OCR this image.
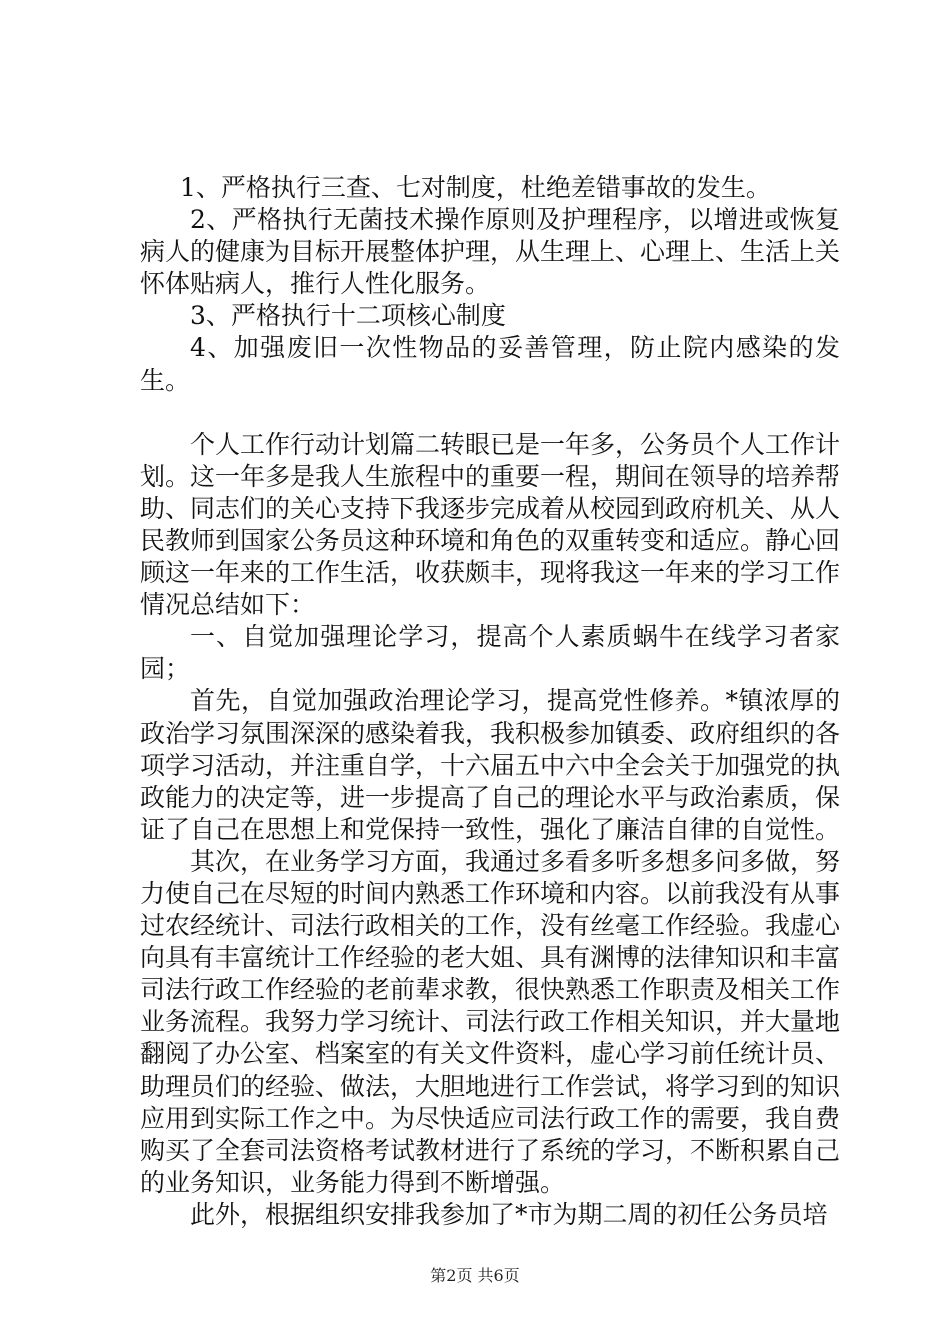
1、严格执行三查、七对制度，杜绝差错事故的发生。

2、严格执行无菌技术操作原则及护理程序，以增进或恢复病人的健康为目标开展整体护理，从生理上、心理上、生活上关怀体贴病人，推行人性化服务。

3、严格执行十二项核心制度

4、加强废旧一次性物品的妥善管理，防止院内感染的发生。

个人工作行动计划篇二转眼已是一年多，公务员个人工作计划。这一年多是我人生旅程中的重要一程，期间在领导的培养帮助、同志们的关心支持下我逐步完成着从校园到政府机关、从人民教师到国家公务员这种环境和角色的双重转变和适应。静心回顾这一年来的工作生活，收获颇丰，现将我这一年来的学习工作情况总结如下：

一、自觉加强理论学习，提高个人素质蜗牛在线学习者家园；

首先，自觉加强政治理论学习，提高党性修养。*镇浓厚的政治学习氛围深深的感染着我，我积极参加镇委、政府组织的各项学习活动，并注重自学，十六届五中六中全会关于加强党的执政能力的决定等，进一步提高了自己的理论水平与政治素质，保证了自己在思想上和党保持一致性，强化了廉洁自律的自觉性。

其次，在业务学习方面，我通过多看多听多想多问多做，努力使自己在尽短的时间内熟悉工作环境和内容。以前我没有从事过农经统计、司法行政相关的工作，没有丝毫工作经验。我虚心向具有丰富统计工作经验的老大姐、具有渊博的法律知识和丰富司法行政工作经验的老前辈求教，很快熟悉工作职责及相关工作业务流程。我努力学习统计、司法行政工作相关知识，并大量地翻阅了办公室、档案室的有关文件资料，虚心学习前任统计员、助理员们的经验、做法，大胆地进行工作尝试，将学习到的知识应用到实际工作之中。为尽快适应司法行政工作的需要，我自费购买了全套司法资格考试教材进行了系统的学习，不断积累自己的业务知识，业务能力得到不断增强。

此外，根据组织安排我参加了*市为期二周的初任公务员培

第2页 共6页
